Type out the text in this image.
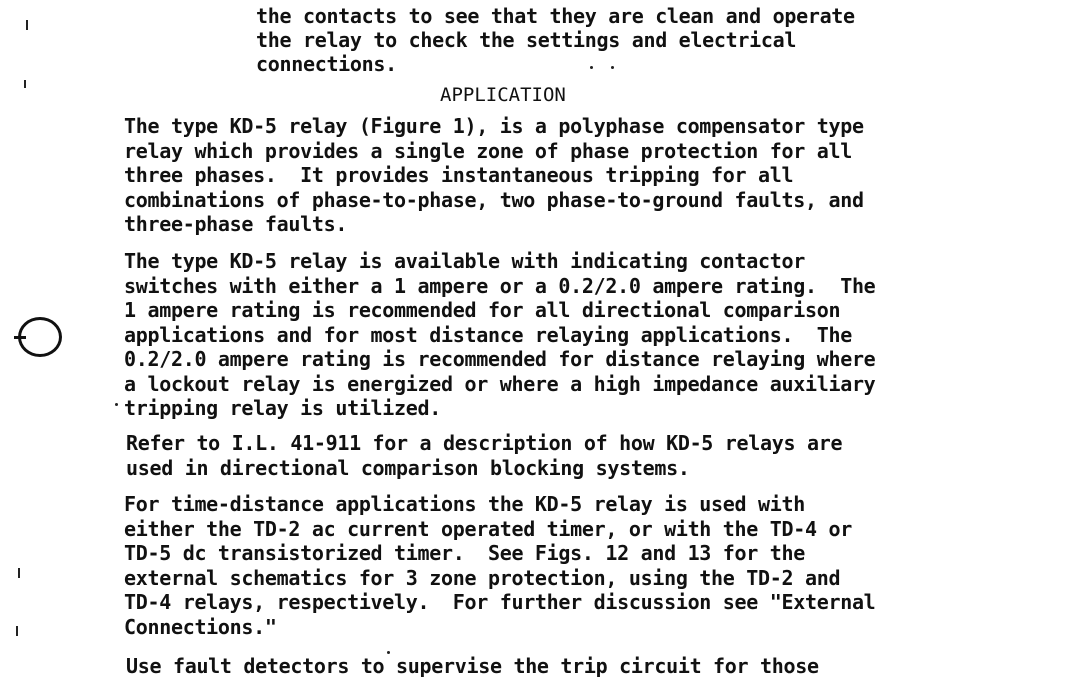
the contacts to see that they are clean and operate
the relay to check the settings and electrical
connections.
APPLICATION
The type KD-5 relay (Figure 1), is a polyphase compensator type
relay which provides a single zone of phase protection for all
three phases.  It provides instantaneous tripping for all
combinations of phase-to-phase, two phase-to-ground faults, and
three-phase faults.
The type KD-5 relay is available with indicating contactor
switches with either a 1 ampere or a 0.2/2.0 ampere rating.  The
1 ampere rating is recommended for all directional comparison
applications and for most distance relaying applications.  The
0.2/2.0 ampere rating is recommended for distance relaying where
a lockout relay is energized or where a high impedance auxiliary
tripping relay is utilized.
Refer to I.L. 41-911 for a description of how KD-5 relays are
used in directional comparison blocking systems.
For time-distance applications the KD-5 relay is used with
either the TD-2 ac current operated timer, or with the TD-4 or
TD-5 dc transistorized timer.  See Figs. 12 and 13 for the
external schematics for 3 zone protection, using the TD-2 and
TD-4 relays, respectively.  For further discussion see "External
Connections."
Use fault detectors to supervise the trip circuit for those
